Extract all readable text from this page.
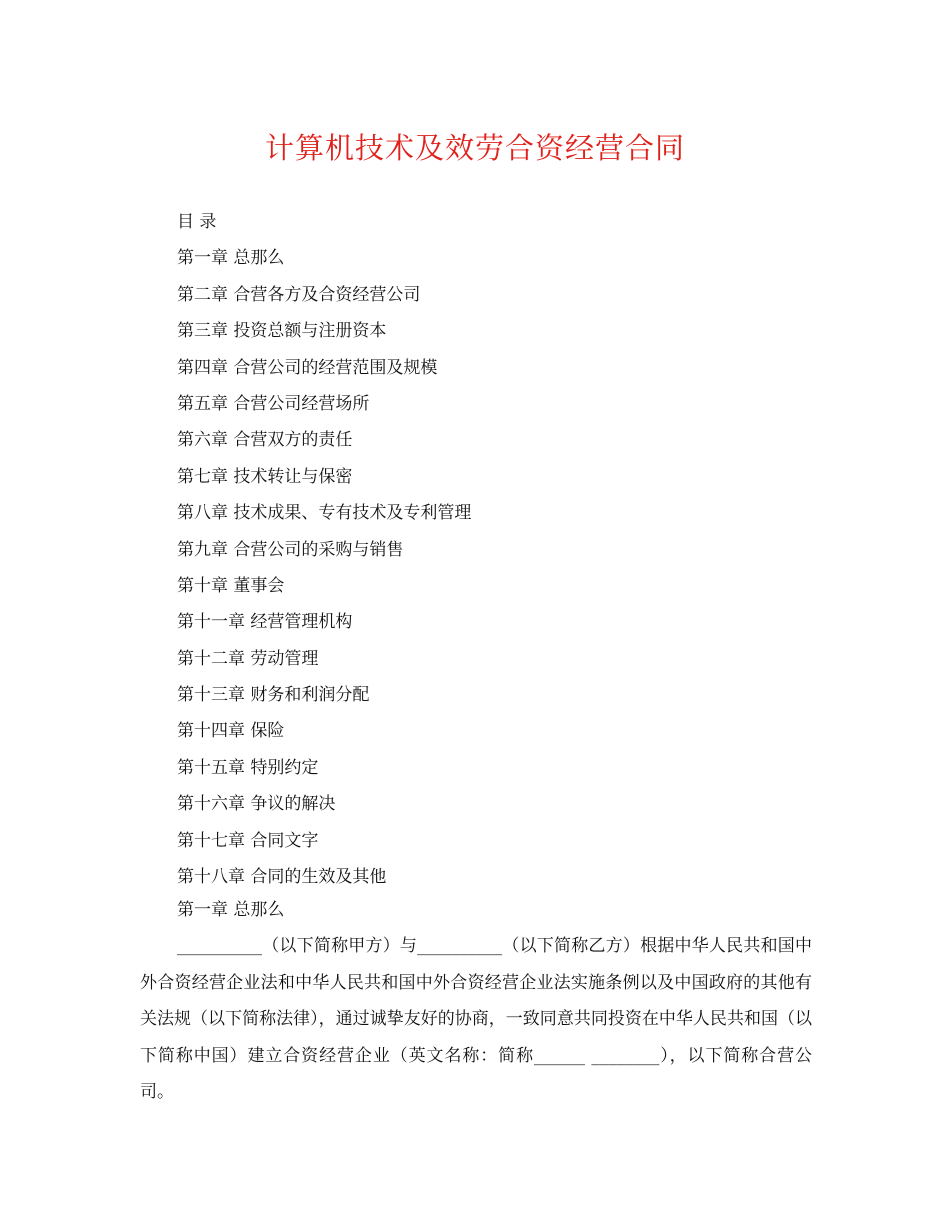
计算机技术及效劳合资经营合同
目 录
第一章 总那么
第二章 合营各方及合资经营公司
第三章 投资总额与注册资本
第四章 合营公司的经营范围及规模
第五章 合营公司经营场所
第六章 合营双方的责任
第七章 技术转让与保密
第八章 技术成果、专有技术及专利管理
第九章 合营公司的采购与销售
第十章 董事会
第十一章 经营管理机构
第十二章 劳动管理
第十三章 财务和利润分配
第十四章 保险
第十五章 特别约定
第十六章 争议的解决
第十七章 合同文字
第十八章 合同的生效及其他
第一章 总那么

__________（以下简称甲方）与__________（以下简称乙方）根据中华人民共和国中外合资经营企业法和中华人民共和国中外合资经营企业法实施条例以及中国政府的其他有关法规（以下简称法律），通过诚挚友好的协商，一致同意共同投资在中华人民共和国（以下简称中国）建立合资经营企业（英文名称：简称______ ________），以下简称合营公司。
